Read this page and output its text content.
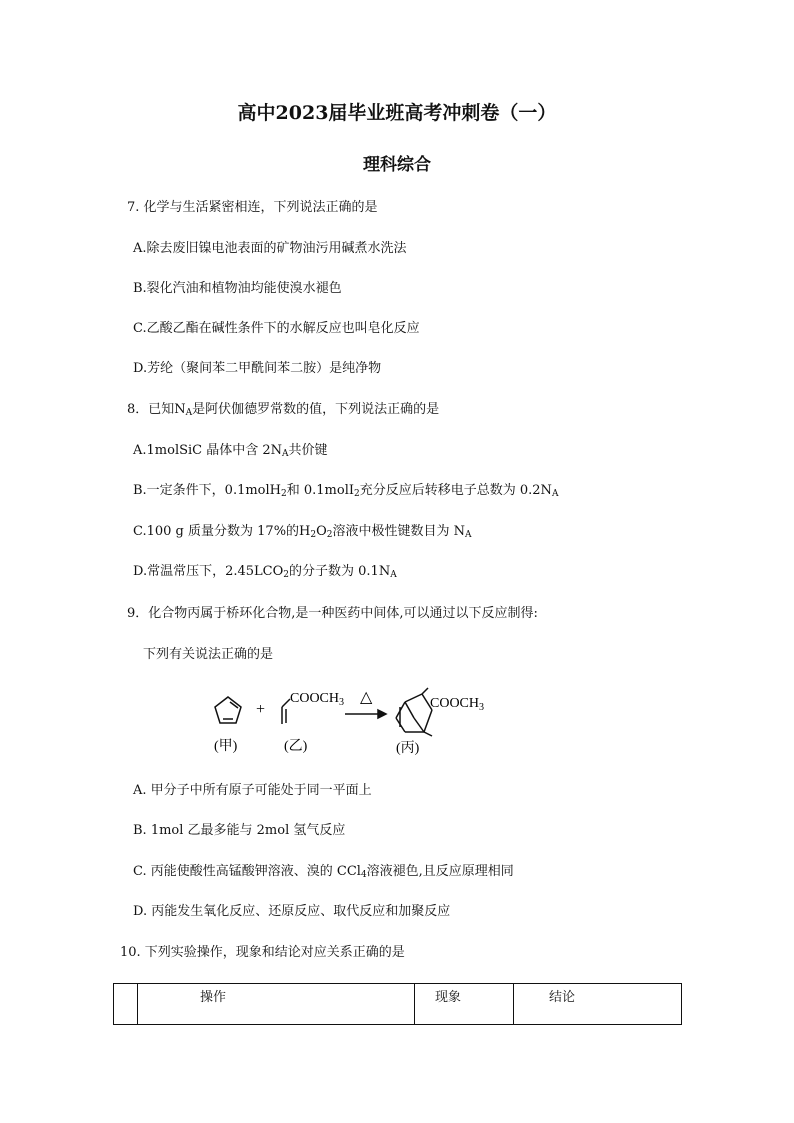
高中2023届毕业班高考冲刺卷（一）
理科综合
7. 化学与生活紧密相连，下列说法正确的是
A.除去废旧镍电池表面的矿物油污用碱煮水洗法
B.裂化汽油和植物油均能使溴水褪色
C.乙酸乙酯在碱性条件下的水解反应也叫皂化反应
D.芳纶（聚间苯二甲酰间苯二胺）是纯净物
8．已知$N_A$是阿伏伽德罗常数的值，下列说法正确的是
A.1molSiC 晶体中含 $2N_A$共价键
B.一定条件下，0.1molH$_2$和 0.1molI$_2$充分反应后转移电子总数为 $0.2N_A$
C.100 g 质量分数为 17%的$H_2O_2$溶液中极性键数目为 $N_A$
D.常温常压下，$2.45LCO_2$的分子数为 $0.1N_A$
9．化合物丙属于桥环化合物,是一种医药中间体,可以通过以下反应制得:
下列有关说法正确的是
+
$COOCH_3$ △	$COOCH_3$
(甲)	(乙)	(丙)
A. 甲分子中所有原子可能处于同一平面上
B. 1mol 乙最多能与 2mol 氢气反应
C. 丙能使酸性高锰酸钾溶液、溴的 CCl$_4$溶液褪色,且反应原理相同
D. 丙能发生氧化反应、还原反应、取代反应和加聚反应
10. 下列实验操作，现象和结论对应关系正确的是
	操作	现象	结论
